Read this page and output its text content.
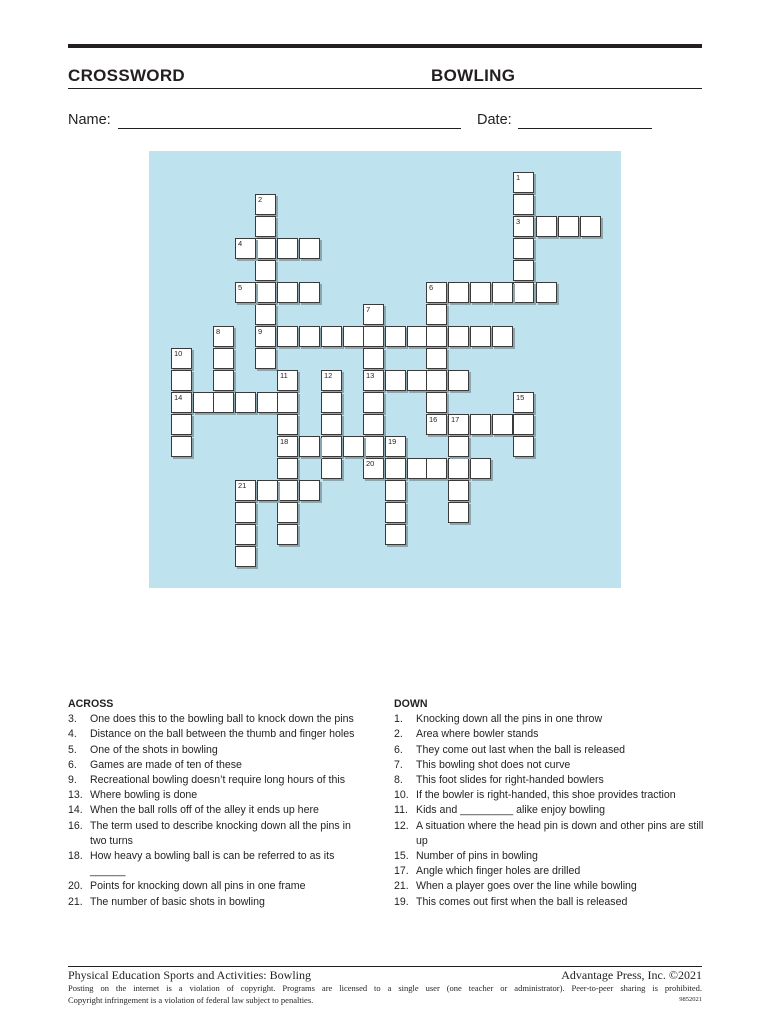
CROSSWORD	BOWLING
Name:	Date:
1
3
2
9
4
5	6
7
8
10
14
11
18
12	13
20
16 17
15
19
21
ACROSS
3.	One does this to the bowling ball to knock down the pins
4.	Distance on the ball between the thumb and finger holes
5.	One of the shots in bowling
6.	Games are made of ten of these
9.	Recreational bowling doesn’t require long hours of this
13. Where bowling is done
14. When the ball rolls off of the alley it ends up here
16. The term used to describe knocking down all the pins in two turns
18. How heavy a bowling ball is can be referred to as its ______
20. Points for knocking down all pins in one frame
21. The number of basic shots in bowling
DOWN
1.	Knocking down all the pins in one throw
2.	Area where bowler stands
6.	They come out last when the ball is released
7.	This bowling shot does not curve
8.	This foot slides for right-handed bowlers
10. If the bowler is right-handed, this shoe provides traction
11. Kids and _________ alike enjoy bowling
12. A situation where the head pin is down and other pins are still up
15. Number of pins in bowling
17. Angle which finger holes are drilled
21. When a player goes over the line while bowling
19. This comes out first when the ball is released
Physical Education Sports and Activities: Bowling	Advantage Press, Inc. ©2021
Posting on the internet is a violation of copyright. Programs are licensed to a single user (one teacher or administrator). Peer-to-peer sharing is prohibited.
Copyright infringement is a violation of federal law subject to penalties.	9852021
